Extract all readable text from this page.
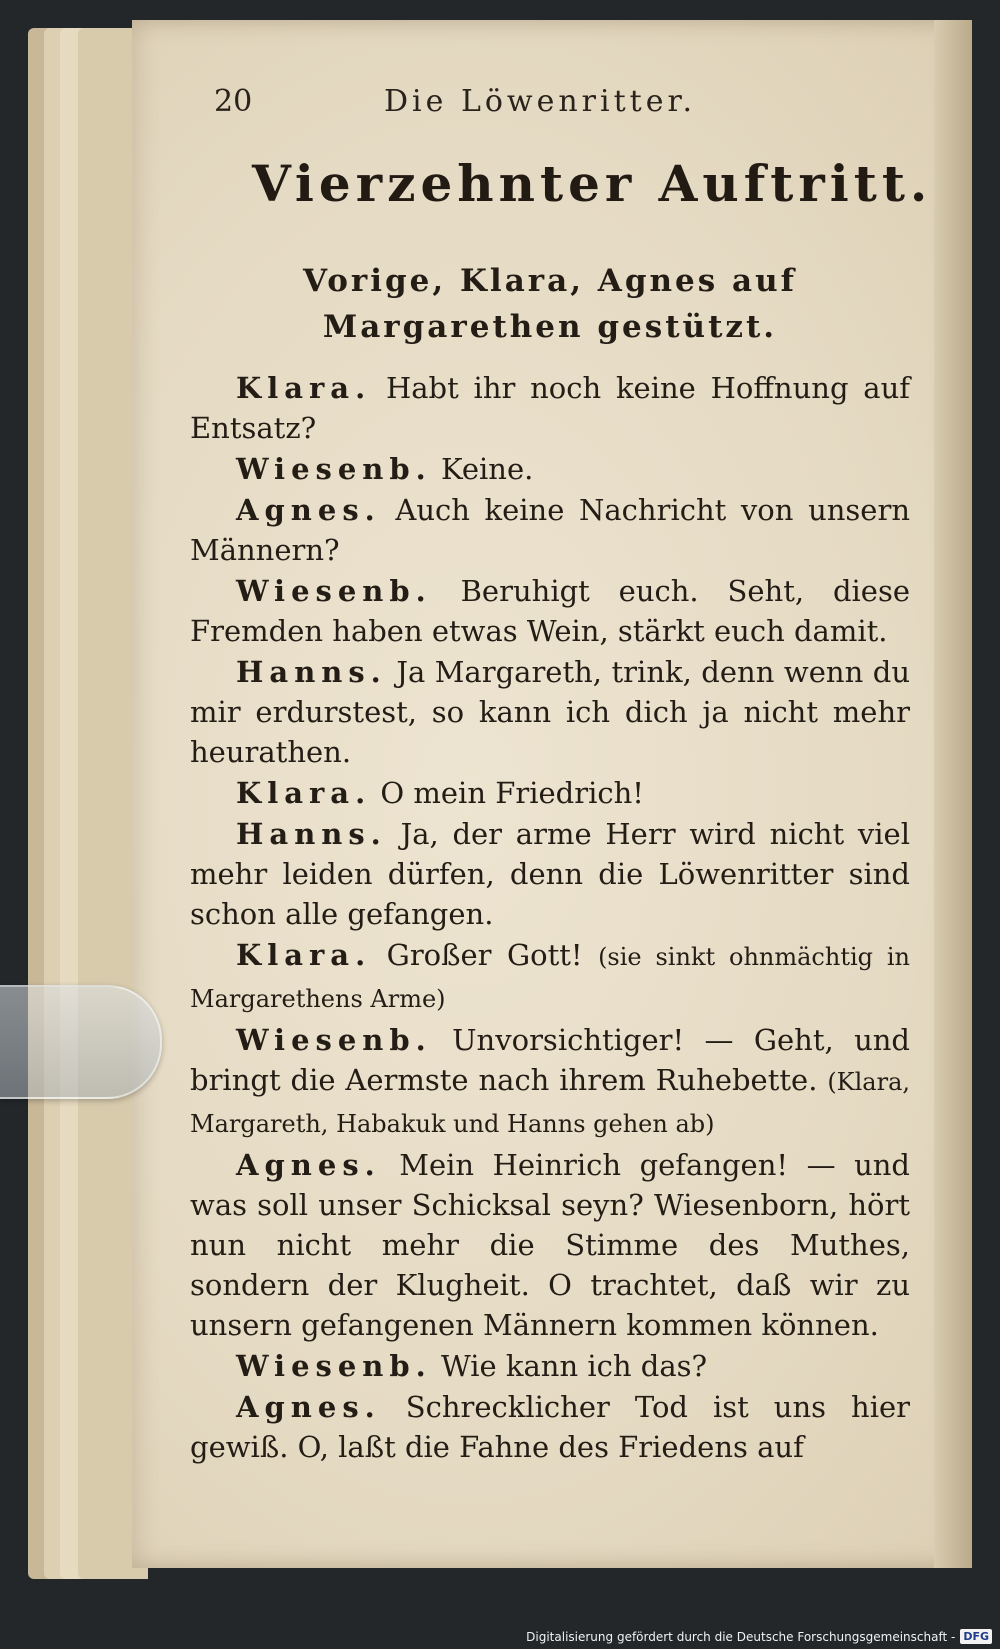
20	Die Löwenritter.
Vierzehnter Auftritt.
Vorige, Klara, Agnes auf Margarethen gestützt.

Klara. Habt ihr noch keine Hoffnung auf Entsatz?

Wiesenb. Keine.

Agnes. Auch keine Nachricht von unsern Männern?

Wiesenb. Beruhigt euch. Seht, diese Fremden haben etwas Wein, stärkt euch damit.

Hanns. Ja Margareth, trink, denn wenn du mir erdurstest, so kann ich dich ja nicht mehr heurathen.

Klara. O mein Friedrich!

Hanns. Ja, der arme Herr wird nicht viel mehr leiden dürfen, denn die Löwenritter sind schon alle gefangen.

Klara. Großer Gott! (sie sinkt ohnmächtig in Margarethens Arme)

Wiesenb. Unvorsichtiger! — Geht, und bringt die Aermste nach ihrem Ruhebette. (Klara, Margareth, Habakuk und Hanns gehen ab)

Agnes. Mein Heinrich gefangen! — und was soll unser Schicksal seyn? Wiesenborn, hört nun nicht mehr die Stimme des Muthes, sondern der Klugheit. O trachtet, daß wir zu unsern gefangenen Männern kommen können.

Wiesenb. Wie kann ich das?

Agnes. Schrecklicher Tod ist uns hier gewiß. O, laßt die Fahne des Friedens auf

Digitalisierung gefördert durch die Deutsche Forschungsgemeinschaft - DFG
